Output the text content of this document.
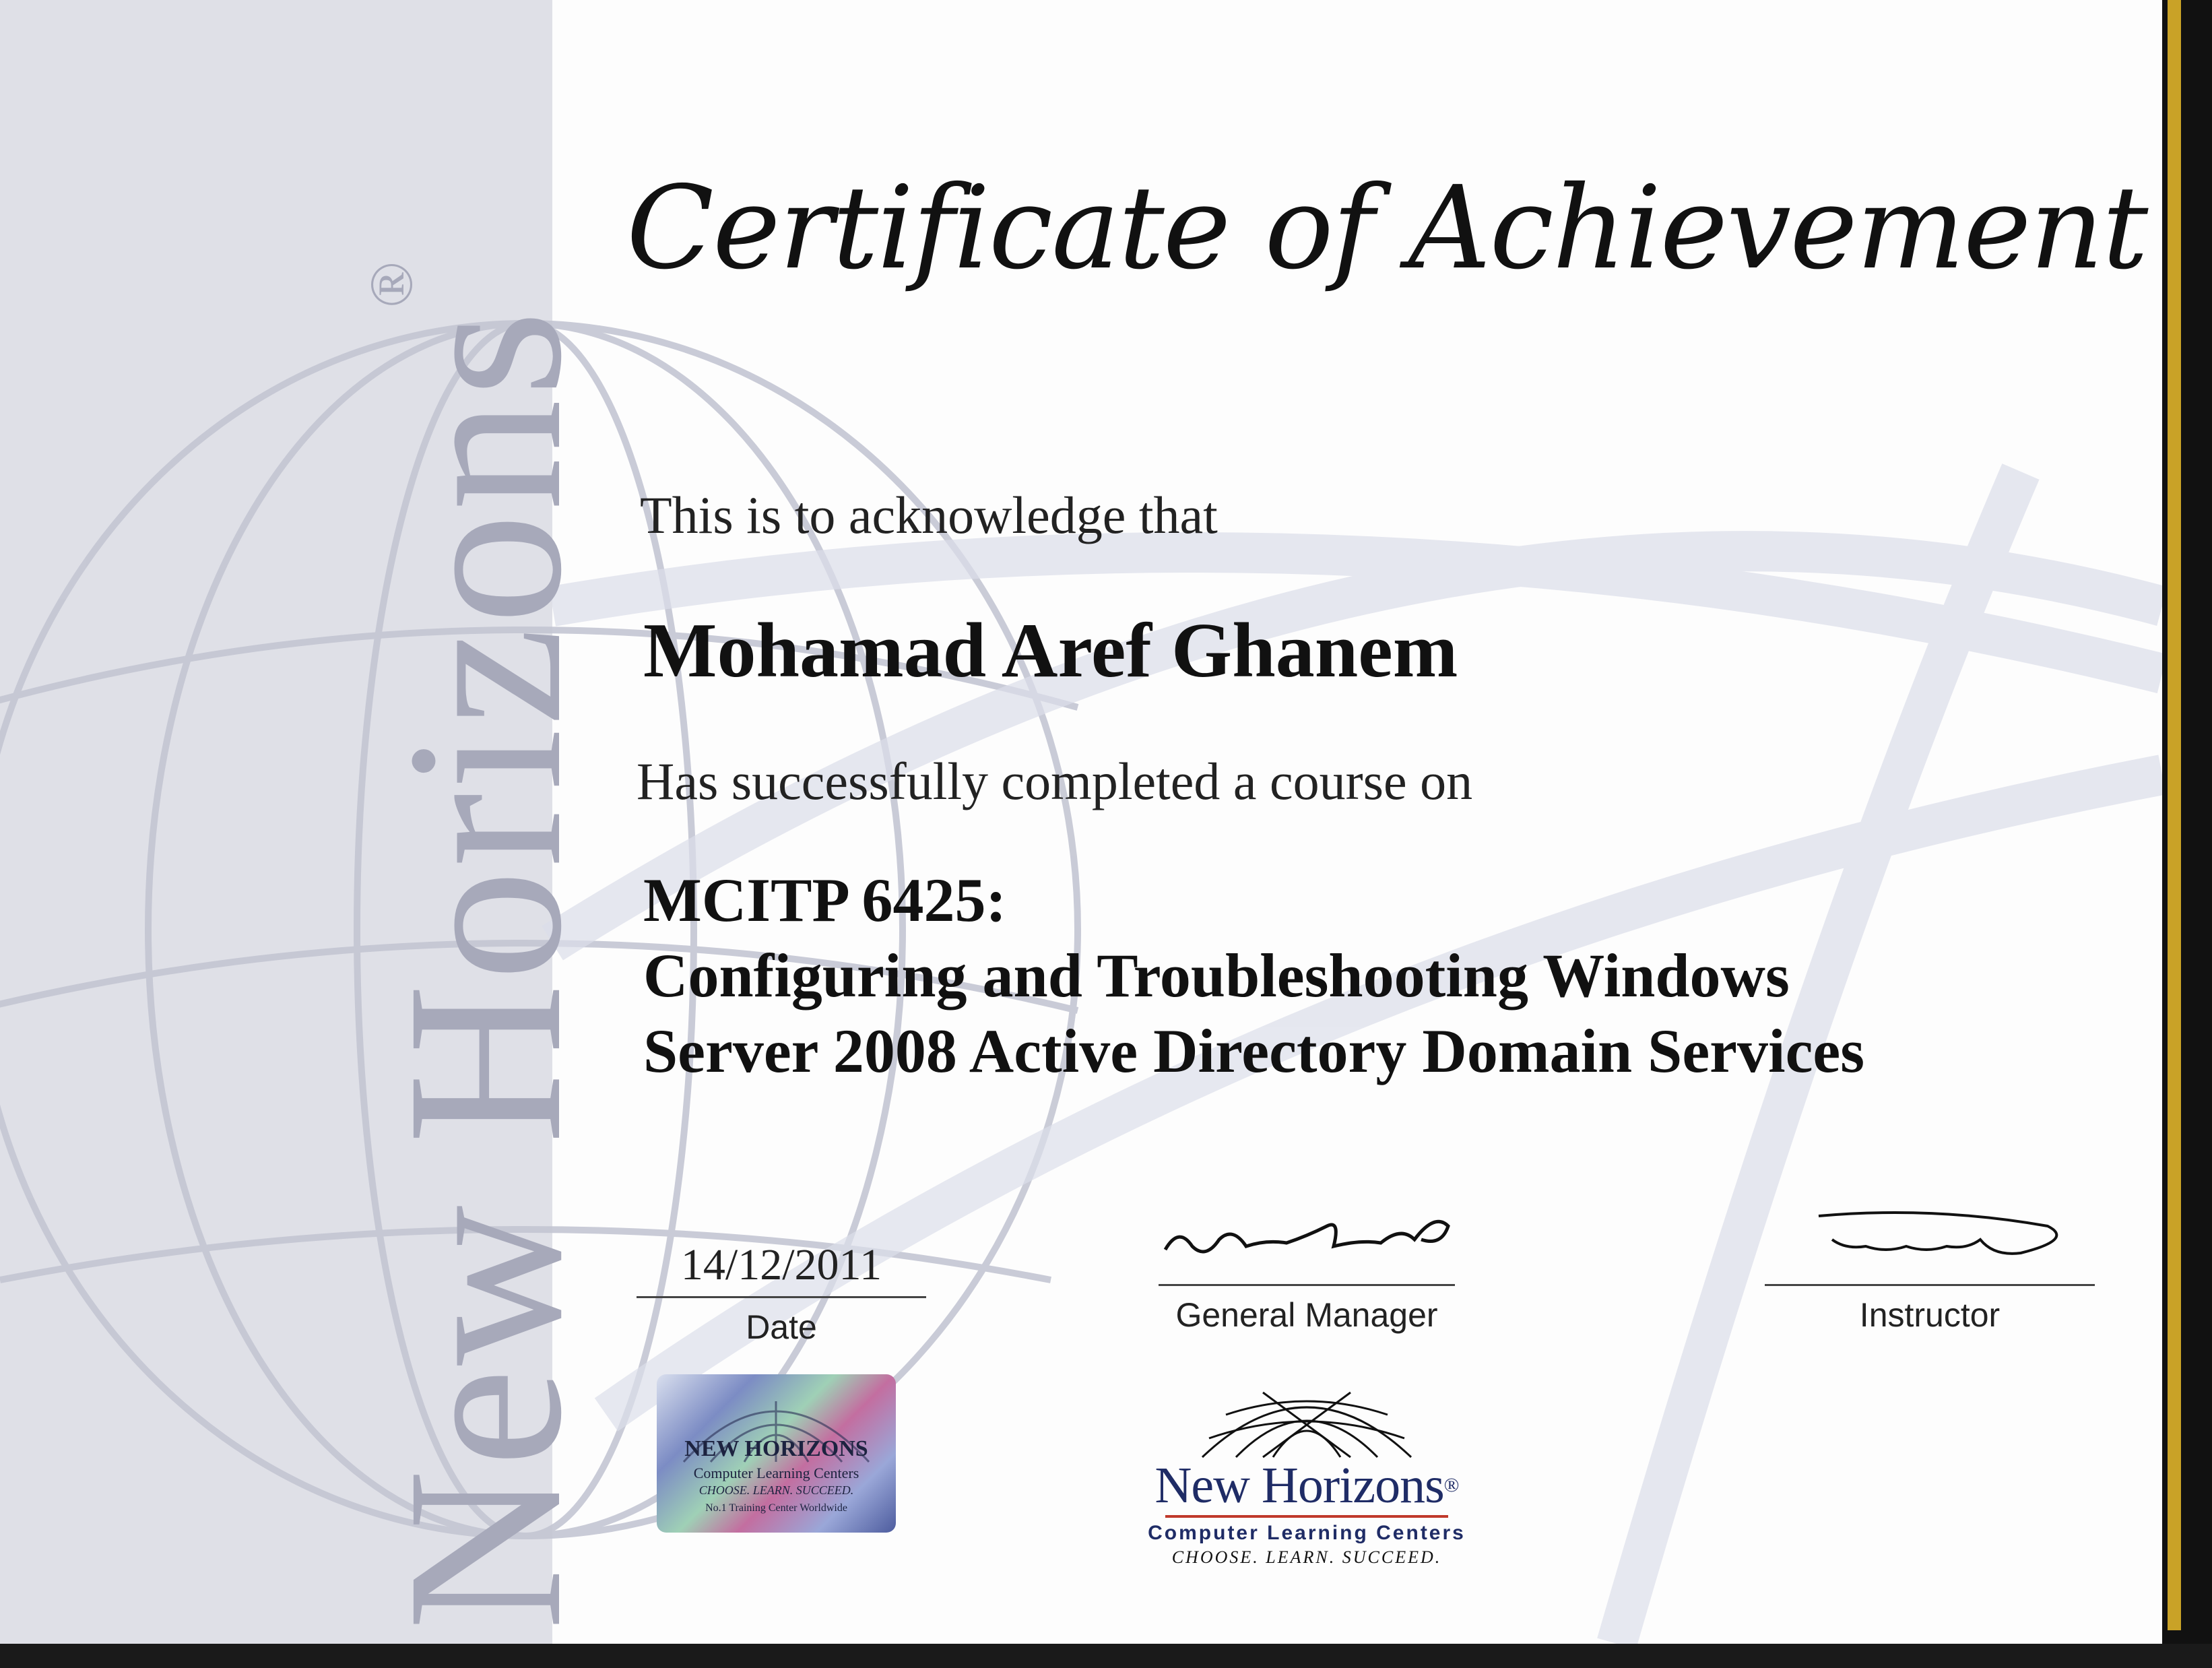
New Horizons®	Certificate of Achievement
This is to acknowledge that
Mohamad Aref Ghanem
Has successfully completed a course on
MCITP 6425:
Configuring and Troubleshooting Windows
Server 2008 Active Directory Domain Services
14/12/2011
Date	General Manager	Instructor
NEW HORIZONS
Computer Learning Centers
CHOOSE. LEARN. SUCCEED.
No.1 Training Center Worldwide	New Horizons®
Computer Learning Centers
CHOOSE. LEARN. SUCCEED.
